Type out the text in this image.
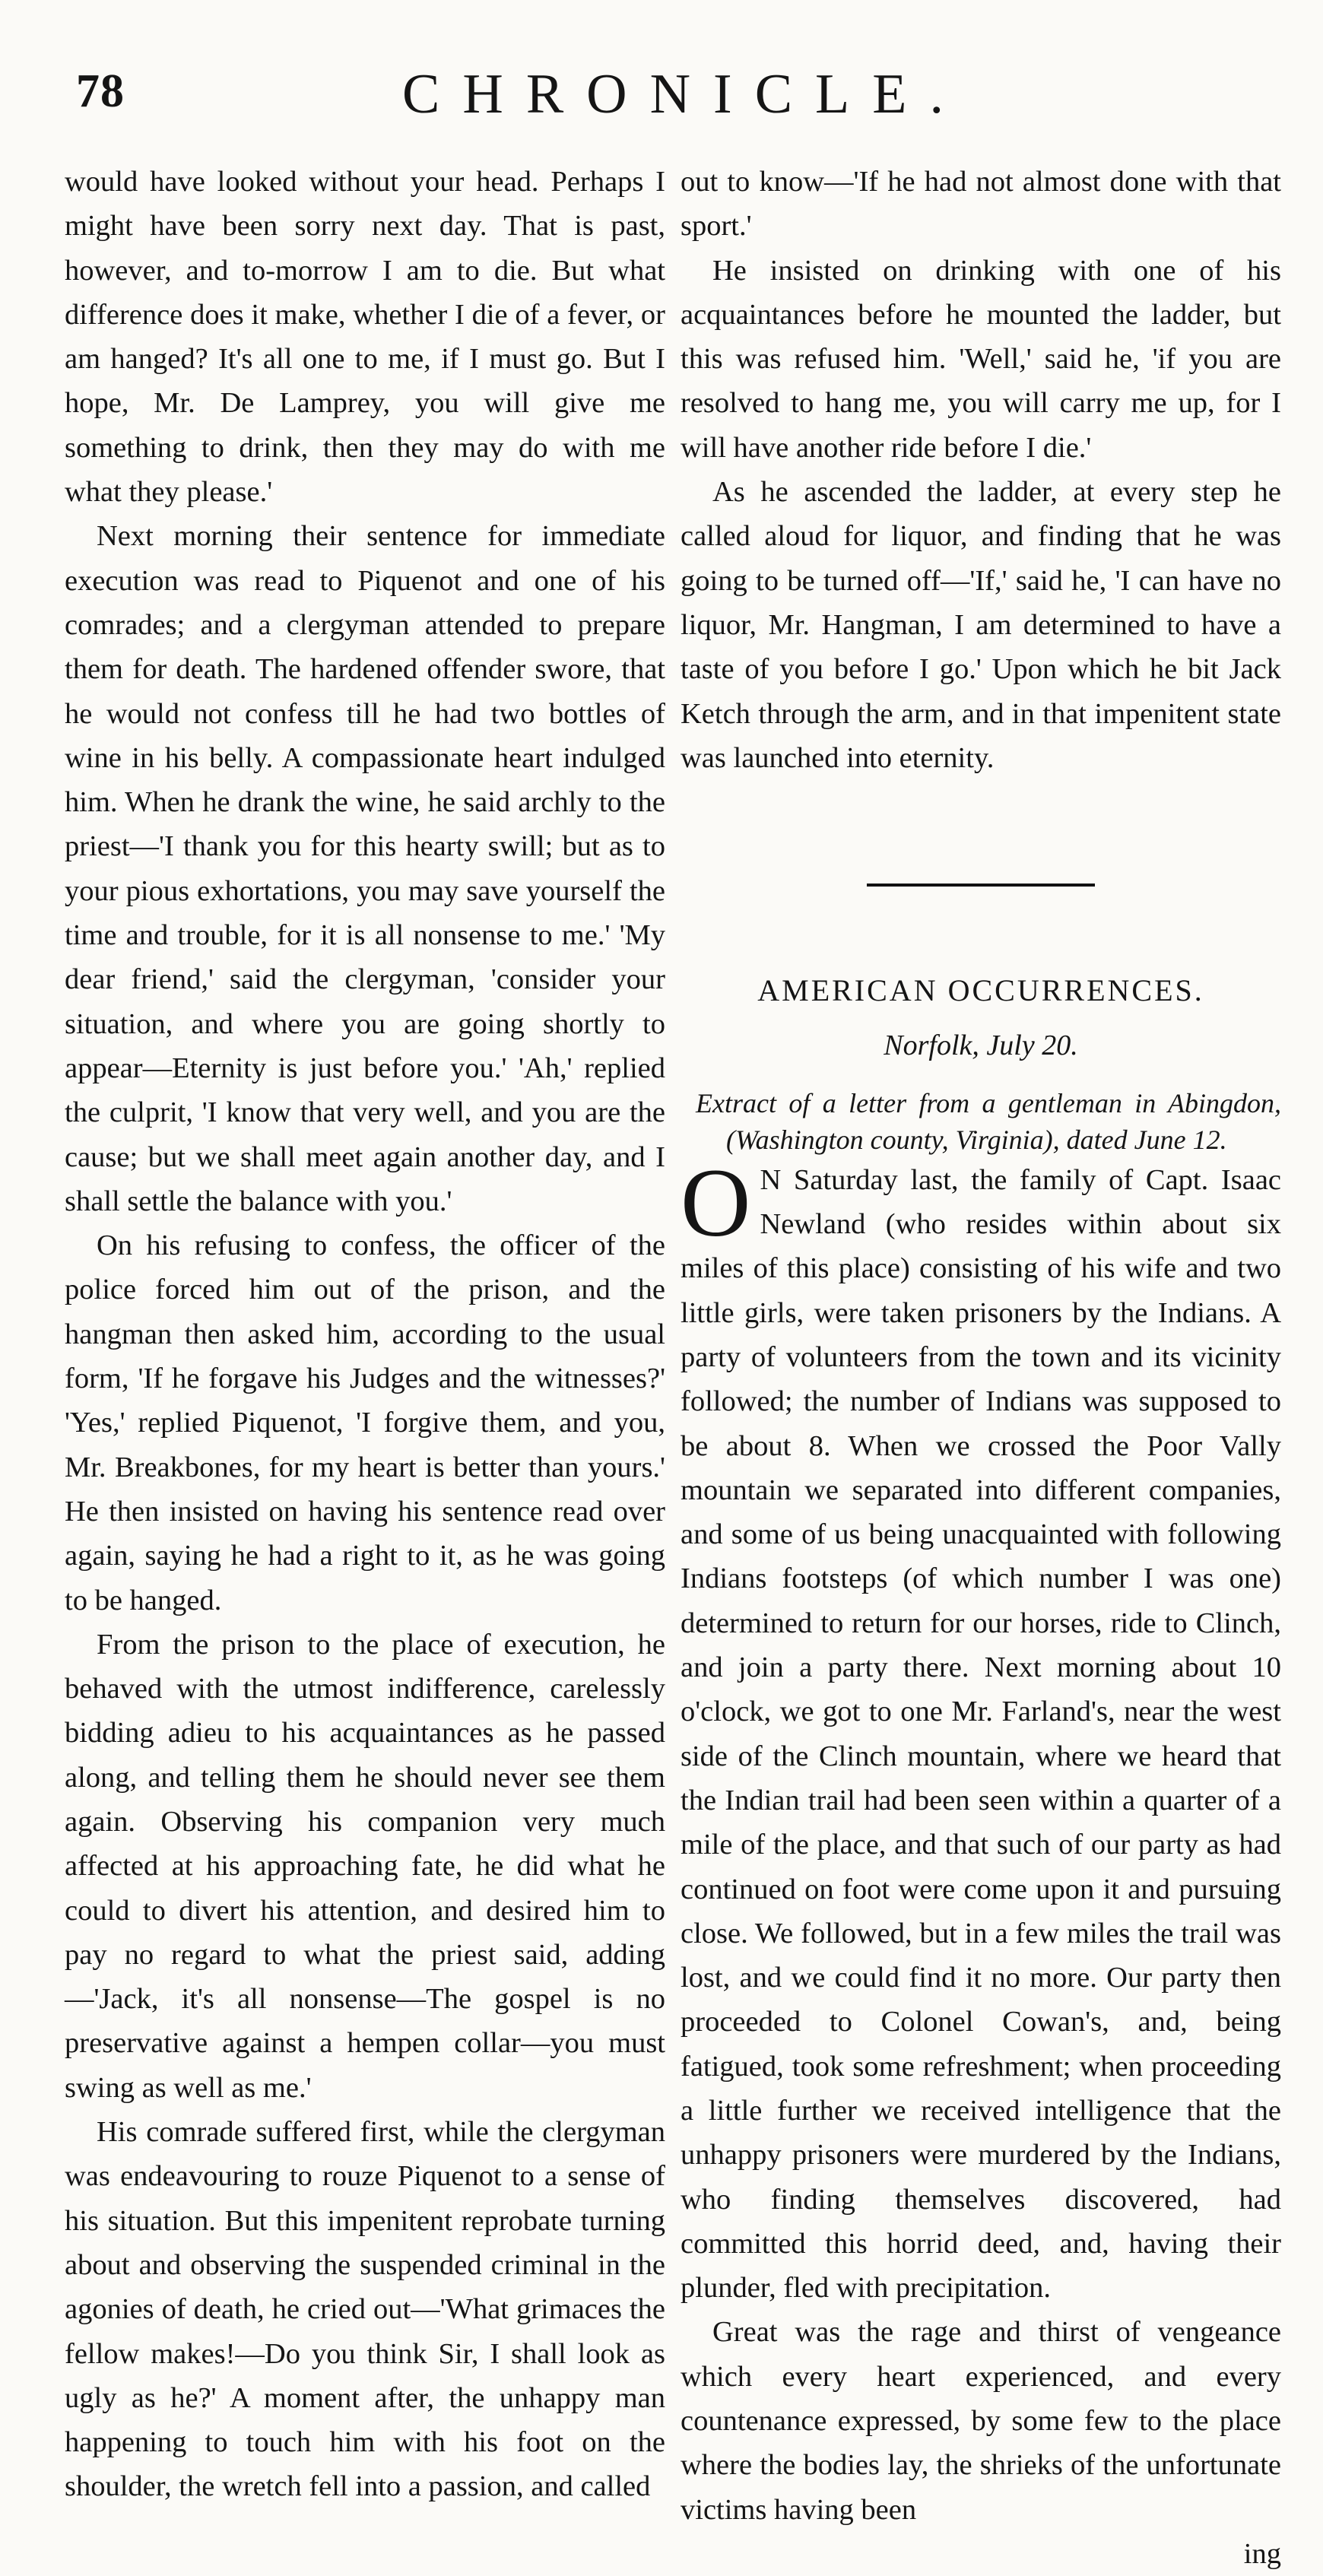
78	CHRONICLE.

would have looked without your head. Perhaps I might have been sorry next day. That is past, however, and to-morrow I am to die. But what difference does it make, whether I die of a fever, or am hanged? It's all one to me, if I must go. But I hope, Mr. De Lamprey, you will give me something to drink, then they may do with me what they please.'

Next morning their sentence for immediate execution was read to Piquenot and one of his comrades; and a clergyman attended to prepare them for death. The hardened offender swore, that he would not confess till he had two bottles of wine in his belly. A compassionate heart indulged him. When he drank the wine, he said archly to the priest—'I thank you for this hearty swill; but as to your pious exhortations, you may save yourself the time and trouble, for it is all nonsense to me.' 'My dear friend,' said the clergyman, 'consider your situation, and where you are going shortly to appear—Eternity is just before you.' 'Ah,' replied the culprit, 'I know that very well, and you are the cause; but we shall meet again another day, and I shall settle the balance with you.'

On his refusing to confess, the officer of the police forced him out of the prison, and the hangman then asked him, according to the usual form, 'If he forgave his Judges and the witnesses?' 'Yes,' replied Piquenot, 'I forgive them, and you, Mr. Breakbones, for my heart is better than yours.' He then insisted on having his sentence read over again, saying he had a right to it, as he was going to be hanged.

From the prison to the place of execution, he behaved with the utmost indifference, carelessly bidding adieu to his acquaintances as he passed along, and telling them he should never see them again. Observing his companion very much affected at his approaching fate, he did what he could to divert his attention, and desired him to pay no regard to what the priest said, adding—'Jack, it's all nonsense—The gospel is no preservative against a hempen collar—you must swing as well as me.'

His comrade suffered first, while the clergyman was endeavouring to rouze Piquenot to a sense of his situation. But this impenitent reprobate turning about and observing the suspended criminal in the agonies of death, he cried out—'What grimaces the fellow makes!—Do you think Sir, I shall look as ugly as he?' A moment after, the unhappy man happening to touch him with his foot on the shoulder, the wretch fell into a passion, and called

out to know—'If he had not almost done with that sport.'

He insisted on drinking with one of his acquaintances before he mounted the ladder, but this was refused him. 'Well,' said he, 'if you are resolved to hang me, you will carry me up, for I will have another ride before I die.'

As he ascended the ladder, at every step he called aloud for liquor, and finding that he was going to be turned off—'If,' said he, 'I can have no liquor, Mr. Hangman, I am determined to have a taste of you before I go.' Upon which he bit Jack Ketch through the arm, and in that impenitent state was launched into eternity.

AMERICAN OCCURRENCES.
Norfolk, July 20.

Extract of a letter from a gentleman in Abingdon, (Washington county, Virginia), dated June 12.

ON Saturday last, the family of Capt. Isaac Newland (who resides within about six miles of this place) consisting of his wife and two little girls, were taken prisoners by the Indians. A party of volunteers from the town and its vicinity followed; the number of Indians was supposed to be about 8. When we crossed the Poor Vally mountain we separated into different companies, and some of us being unacquainted with following Indians footsteps (of which number I was one) determined to return for our horses, ride to Clinch, and join a party there. Next morning about 10 o'clock, we got to one Mr. Farland's, near the west side of the Clinch mountain, where we heard that the Indian trail had been seen within a quarter of a mile of the place, and that such of our party as had continued on foot were come upon it and pursuing close. We followed, but in a few miles the trail was lost, and we could find it no more. Our party then proceeded to Colonel Cowan's, and, being fatigued, took some refreshment; when proceeding a little further we received intelligence that the unhappy prisoners were murdered by the Indians, who finding themselves discovered, had committed this horrid deed, and, having their plunder, fled with precipitation.

Great was the rage and thirst of vengeance which every heart experienced, and every countenance expressed, by some few to the place where the bodies lay, the shrieks of the unfortunate victims having been

ing
